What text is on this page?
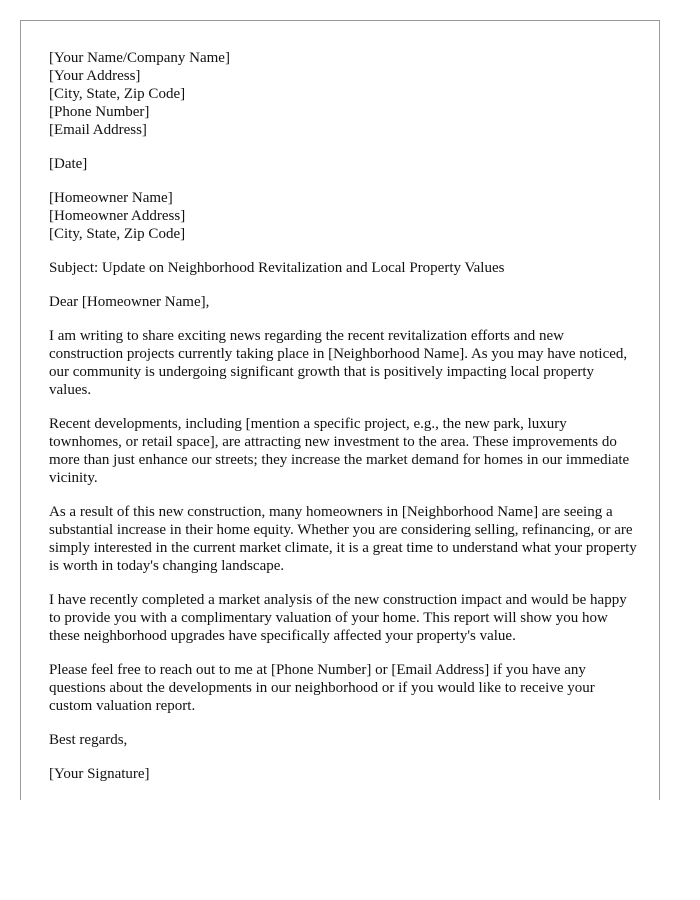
[Your Name/Company Name]
[Your Address]
[City, State, Zip Code]
[Phone Number]
[Email Address]
[Date]
[Homeowner Name]
[Homeowner Address]
[City, State, Zip Code]
Subject: Update on Neighborhood Revitalization and Local Property Values
Dear [Homeowner Name],

I am writing to share exciting news regarding the recent revitalization efforts and new construction projects currently taking place in [Neighborhood Name]. As you may have noticed, our community is undergoing significant growth that is positively impacting local property values.

Recent developments, including [mention a specific project, e.g., the new park, luxury townhomes, or retail space], are attracting new investment to the area. These improvements do more than just enhance our streets; they increase the market demand for homes in our immediate vicinity.

As a result of this new construction, many homeowners in [Neighborhood Name] are seeing a substantial increase in their home equity. Whether you are considering selling, refinancing, or are simply interested in the current market climate, it is a great time to understand what your property is worth in today's changing landscape.

I have recently completed a market analysis of the new construction impact and would be happy to provide you with a complimentary valuation of your home. This report will show you how these neighborhood upgrades have specifically affected your property's value.

Please feel free to reach out to me at [Phone Number] or [Email Address] if you have any questions about the developments in our neighborhood or if you would like to receive your custom valuation report.

Best regards,
[Your Signature]
